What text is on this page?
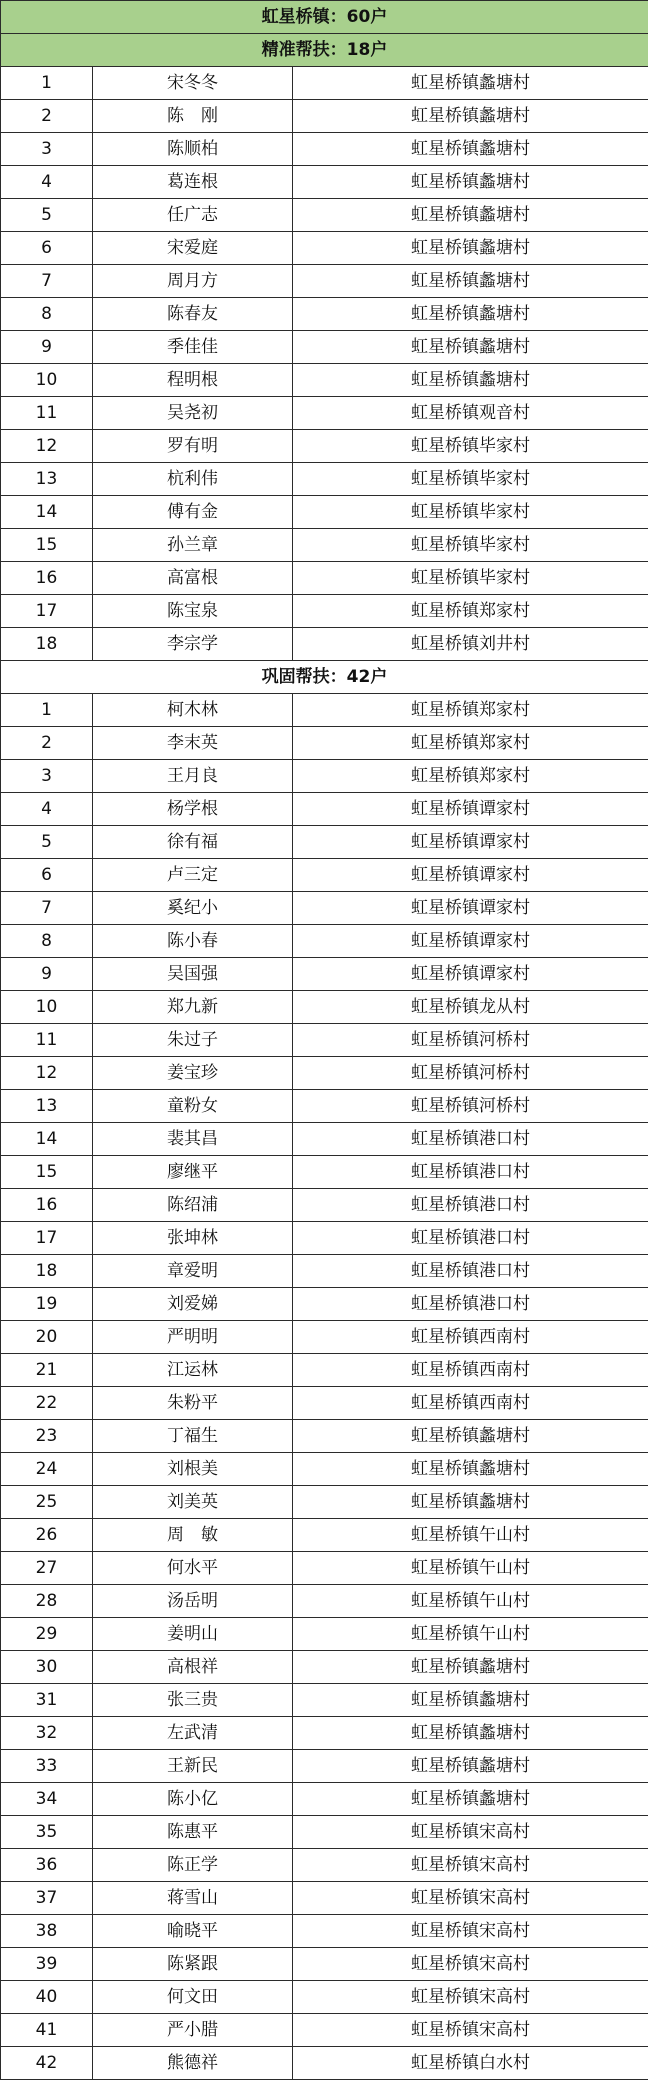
虹星桥镇：60户		
精准帮扶：18户		
1	宋冬冬	虹星桥镇蠡塘村
2	陈　刚	虹星桥镇蠡塘村
3	陈顺柏	虹星桥镇蠡塘村
4	葛连根	虹星桥镇蠡塘村
5	任广志	虹星桥镇蠡塘村
6	宋爱庭	虹星桥镇蠡塘村
7	周月方	虹星桥镇蠡塘村
8	陈春友	虹星桥镇蠡塘村
9	季佳佳	虹星桥镇蠡塘村
10	程明根	虹星桥镇蠡塘村
11	吴尧初	虹星桥镇观音村
12	罗有明	虹星桥镇毕家村
13	杭利伟	虹星桥镇毕家村
14	傅有金	虹星桥镇毕家村
15	孙兰章	虹星桥镇毕家村
16	高富根	虹星桥镇毕家村
17	陈宝泉	虹星桥镇郑家村
18	李宗学	虹星桥镇刘井村
巩固帮扶：42户		
1	柯木林	虹星桥镇郑家村
2	李末英	虹星桥镇郑家村
3	王月良	虹星桥镇郑家村
4	杨学根	虹星桥镇谭家村
5	徐有福	虹星桥镇谭家村
6	卢三定	虹星桥镇谭家村
7	奚纪小	虹星桥镇谭家村
8	陈小春	虹星桥镇谭家村
9	吴国强	虹星桥镇谭家村
10	郑九新	虹星桥镇龙从村
11	朱过子	虹星桥镇河桥村
12	姜宝珍	虹星桥镇河桥村
13	童粉女	虹星桥镇河桥村
14	裴其昌	虹星桥镇港口村
15	廖继平	虹星桥镇港口村
16	陈绍浦	虹星桥镇港口村
17	张坤林	虹星桥镇港口村
18	章爱明	虹星桥镇港口村
19	刘爱娣	虹星桥镇港口村
20	严明明	虹星桥镇西南村
21	江运林	虹星桥镇西南村
22	朱粉平	虹星桥镇西南村
23	丁福生	虹星桥镇蠡塘村
24	刘根美	虹星桥镇蠡塘村
25	刘美英	虹星桥镇蠡塘村
26	周　敏	虹星桥镇午山村
27	何水平	虹星桥镇午山村
28	汤岳明	虹星桥镇午山村
29	姜明山	虹星桥镇午山村
30	高根祥	虹星桥镇蠡塘村
31	张三贵	虹星桥镇蠡塘村
32	左武清	虹星桥镇蠡塘村
33	王新民	虹星桥镇蠡塘村
34	陈小亿	虹星桥镇蠡塘村
35	陈惠平	虹星桥镇宋高村
36	陈正学	虹星桥镇宋高村
37	蒋雪山	虹星桥镇宋高村
38	喻晓平	虹星桥镇宋高村
39	陈紧跟	虹星桥镇宋高村
40	何文田	虹星桥镇宋高村
41	严小腊	虹星桥镇宋高村
42	熊德祥	虹星桥镇白水村
